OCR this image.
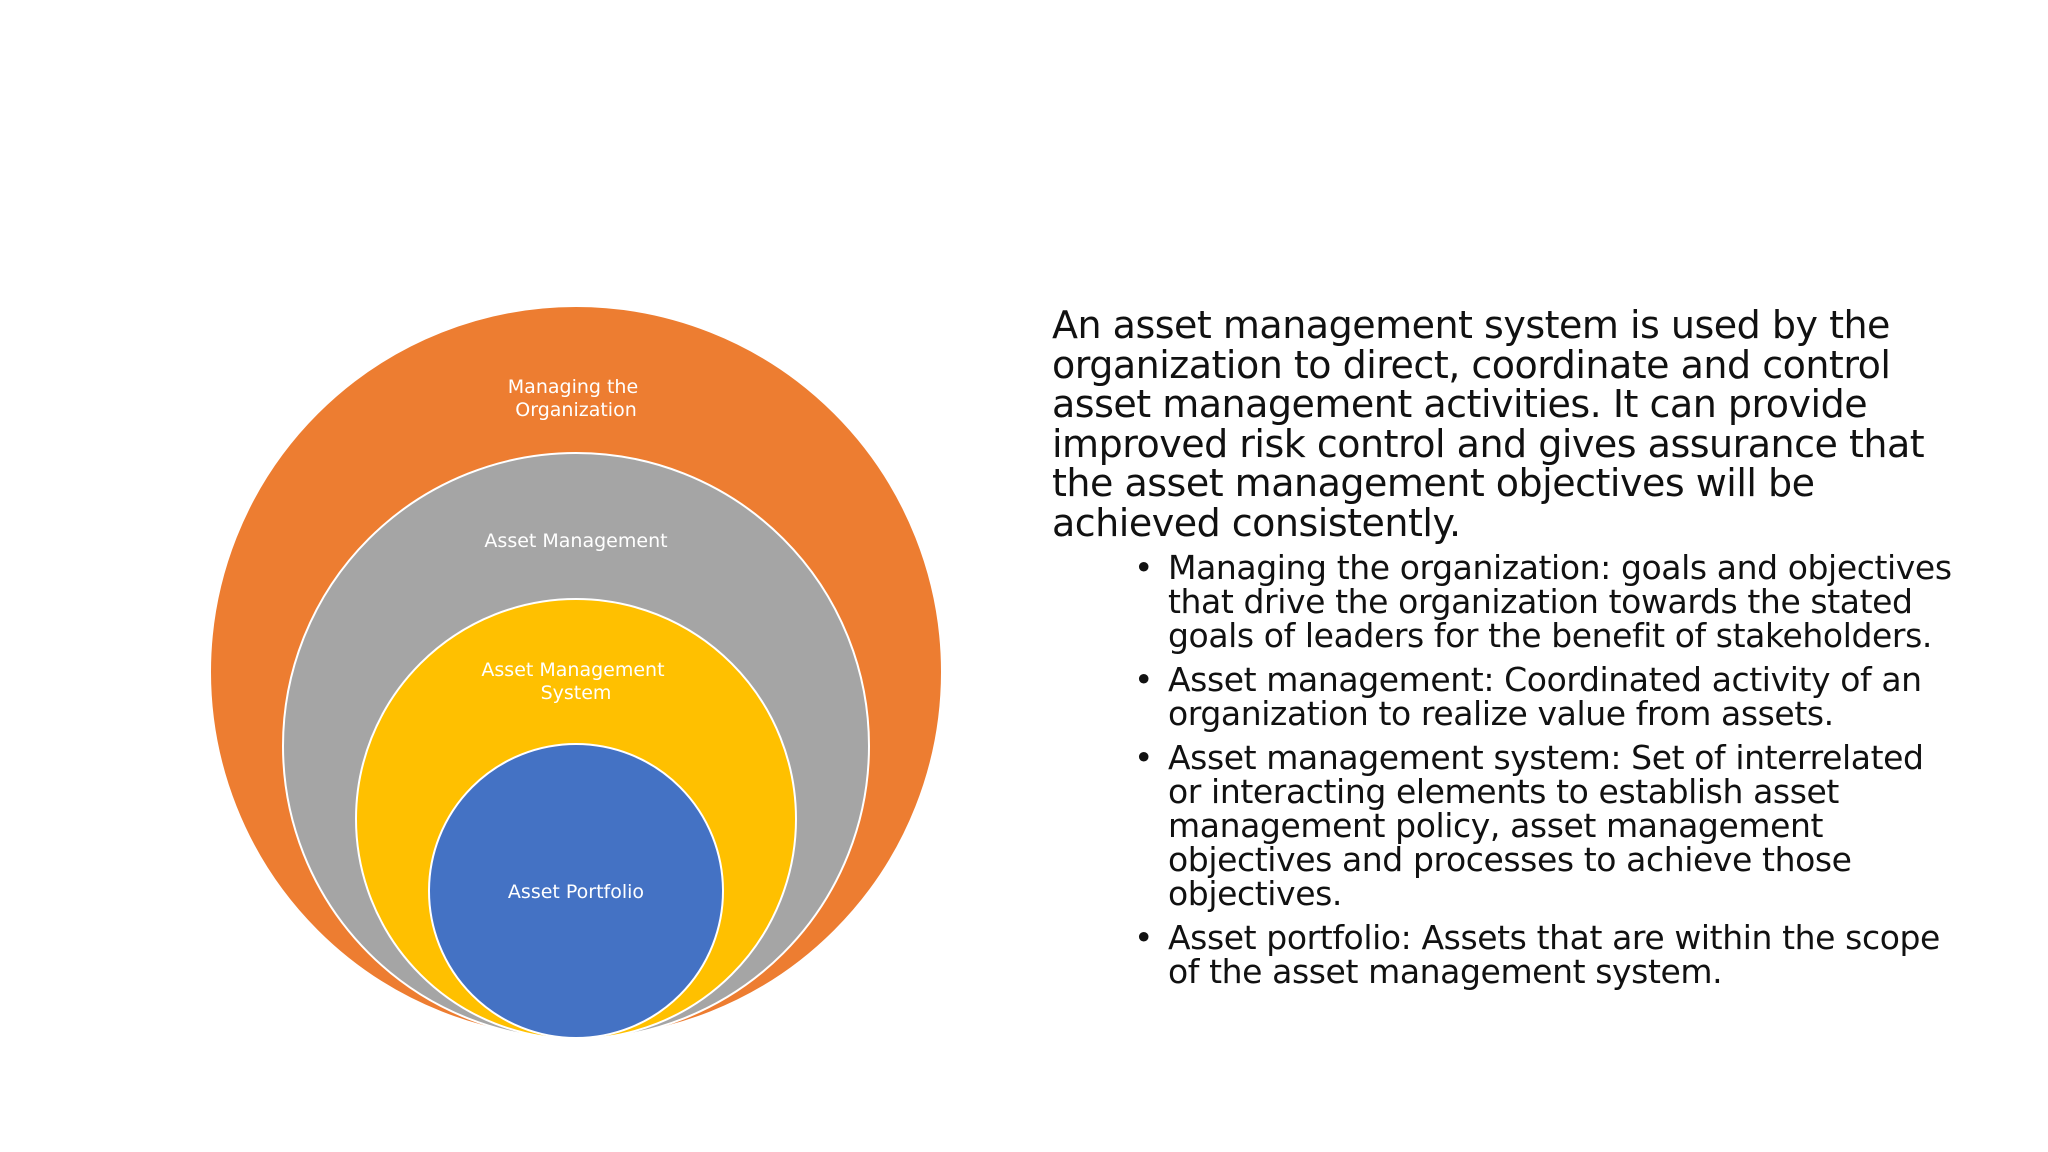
Managing the Organization
Asset Management
Asset Management System
Asset Portfolio

An asset management system is used by the organization to direct, coordinate and control asset management activities. It can provide improved risk control and gives assurance that the asset management objectives will be achieved consistently.

• Managing the organization: goals and objectives that drive the organization towards the stated goals of leaders for the benefit of stakeholders.
• Asset management: Coordinated activity of an organization to realize value from assets.
• Asset management system: Set of interrelated or interacting elements to establish asset management policy, asset management objectives and processes to achieve those objectives.
• Asset portfolio: Assets that are within the scope of the asset management system.
